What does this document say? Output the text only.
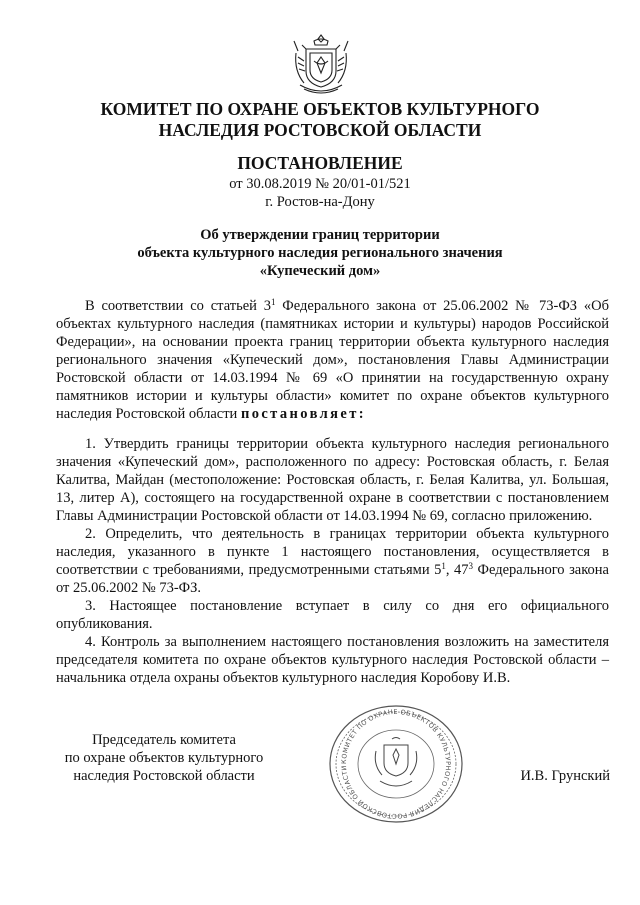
КОМИТЕТ ПО ОХРАНЕ ОБЪЕКТОВ КУЛЬТУРНОГО
НАСЛЕДИЯ РОСТОВСКОЙ ОБЛАСТИ
ПОСТАНОВЛЕНИЕ
от 30.08.2019 № 20/01-01/521
г. Ростов-на-Дону
Об утверждении границ территории
объекта культурного наследия регионального значения
«Купеческий дом»

В соответствии со статьей $3^1$ Федерального закона от 25.06.2002 № 73-ФЗ «Об объектах культурного наследия (памятниках истории и культуры) народов Российской Федерации», на основании проекта границ территории объекта культурного наследия регионального значения «Купеческий дом», постановления Главы Администрации Ростовской области от 14.03.1994 № 69 «О принятии на государственную охрану памятников истории и культуры области» комитет по охране объектов культурного наследия Ростовской области постановляет:

1. Утвердить границы территории объекта культурного наследия регионального значения «Купеческий дом», расположенного по адресу: Ростовская область, г. Белая Калитва, Майдан (местоположение: Ростовская область, г. Белая Калитва, ул. Большая, 13, литер А), состоящего на государственной охране в соответствии с постановлением Главы Администрации Ростовской области от 14.03.1994 № 69, согласно приложению.

2. Определить, что деятельность в границах территории объекта культурного наследия, указанного в пункте 1 настоящего постановления, осуществляется в соответствии с требованиями, предусмотренными статьями $5^1$, $47^3$ Федерального закона от 25.06.2002 № 73-ФЗ.

3. Настоящее постановление вступает в силу со дня его официального опубликования.

4. Контроль за выполнением настоящего постановления возложить на заместителя председателя комитета по охране объектов культурного наследия Ростовской области – начальника отдела охраны объектов культурного наследия Коробову И.В.

Председатель комитета
по охране объектов культурного
наследия Ростовской области
КОМИТЕТ ПО ОХРАНЕ ОБЪЕКТОВ КУЛЬТУРНОГО НАСЛЕДИЯ РОСТОВСКОЙ ОБЛАСТИ
И.В. Грунский
